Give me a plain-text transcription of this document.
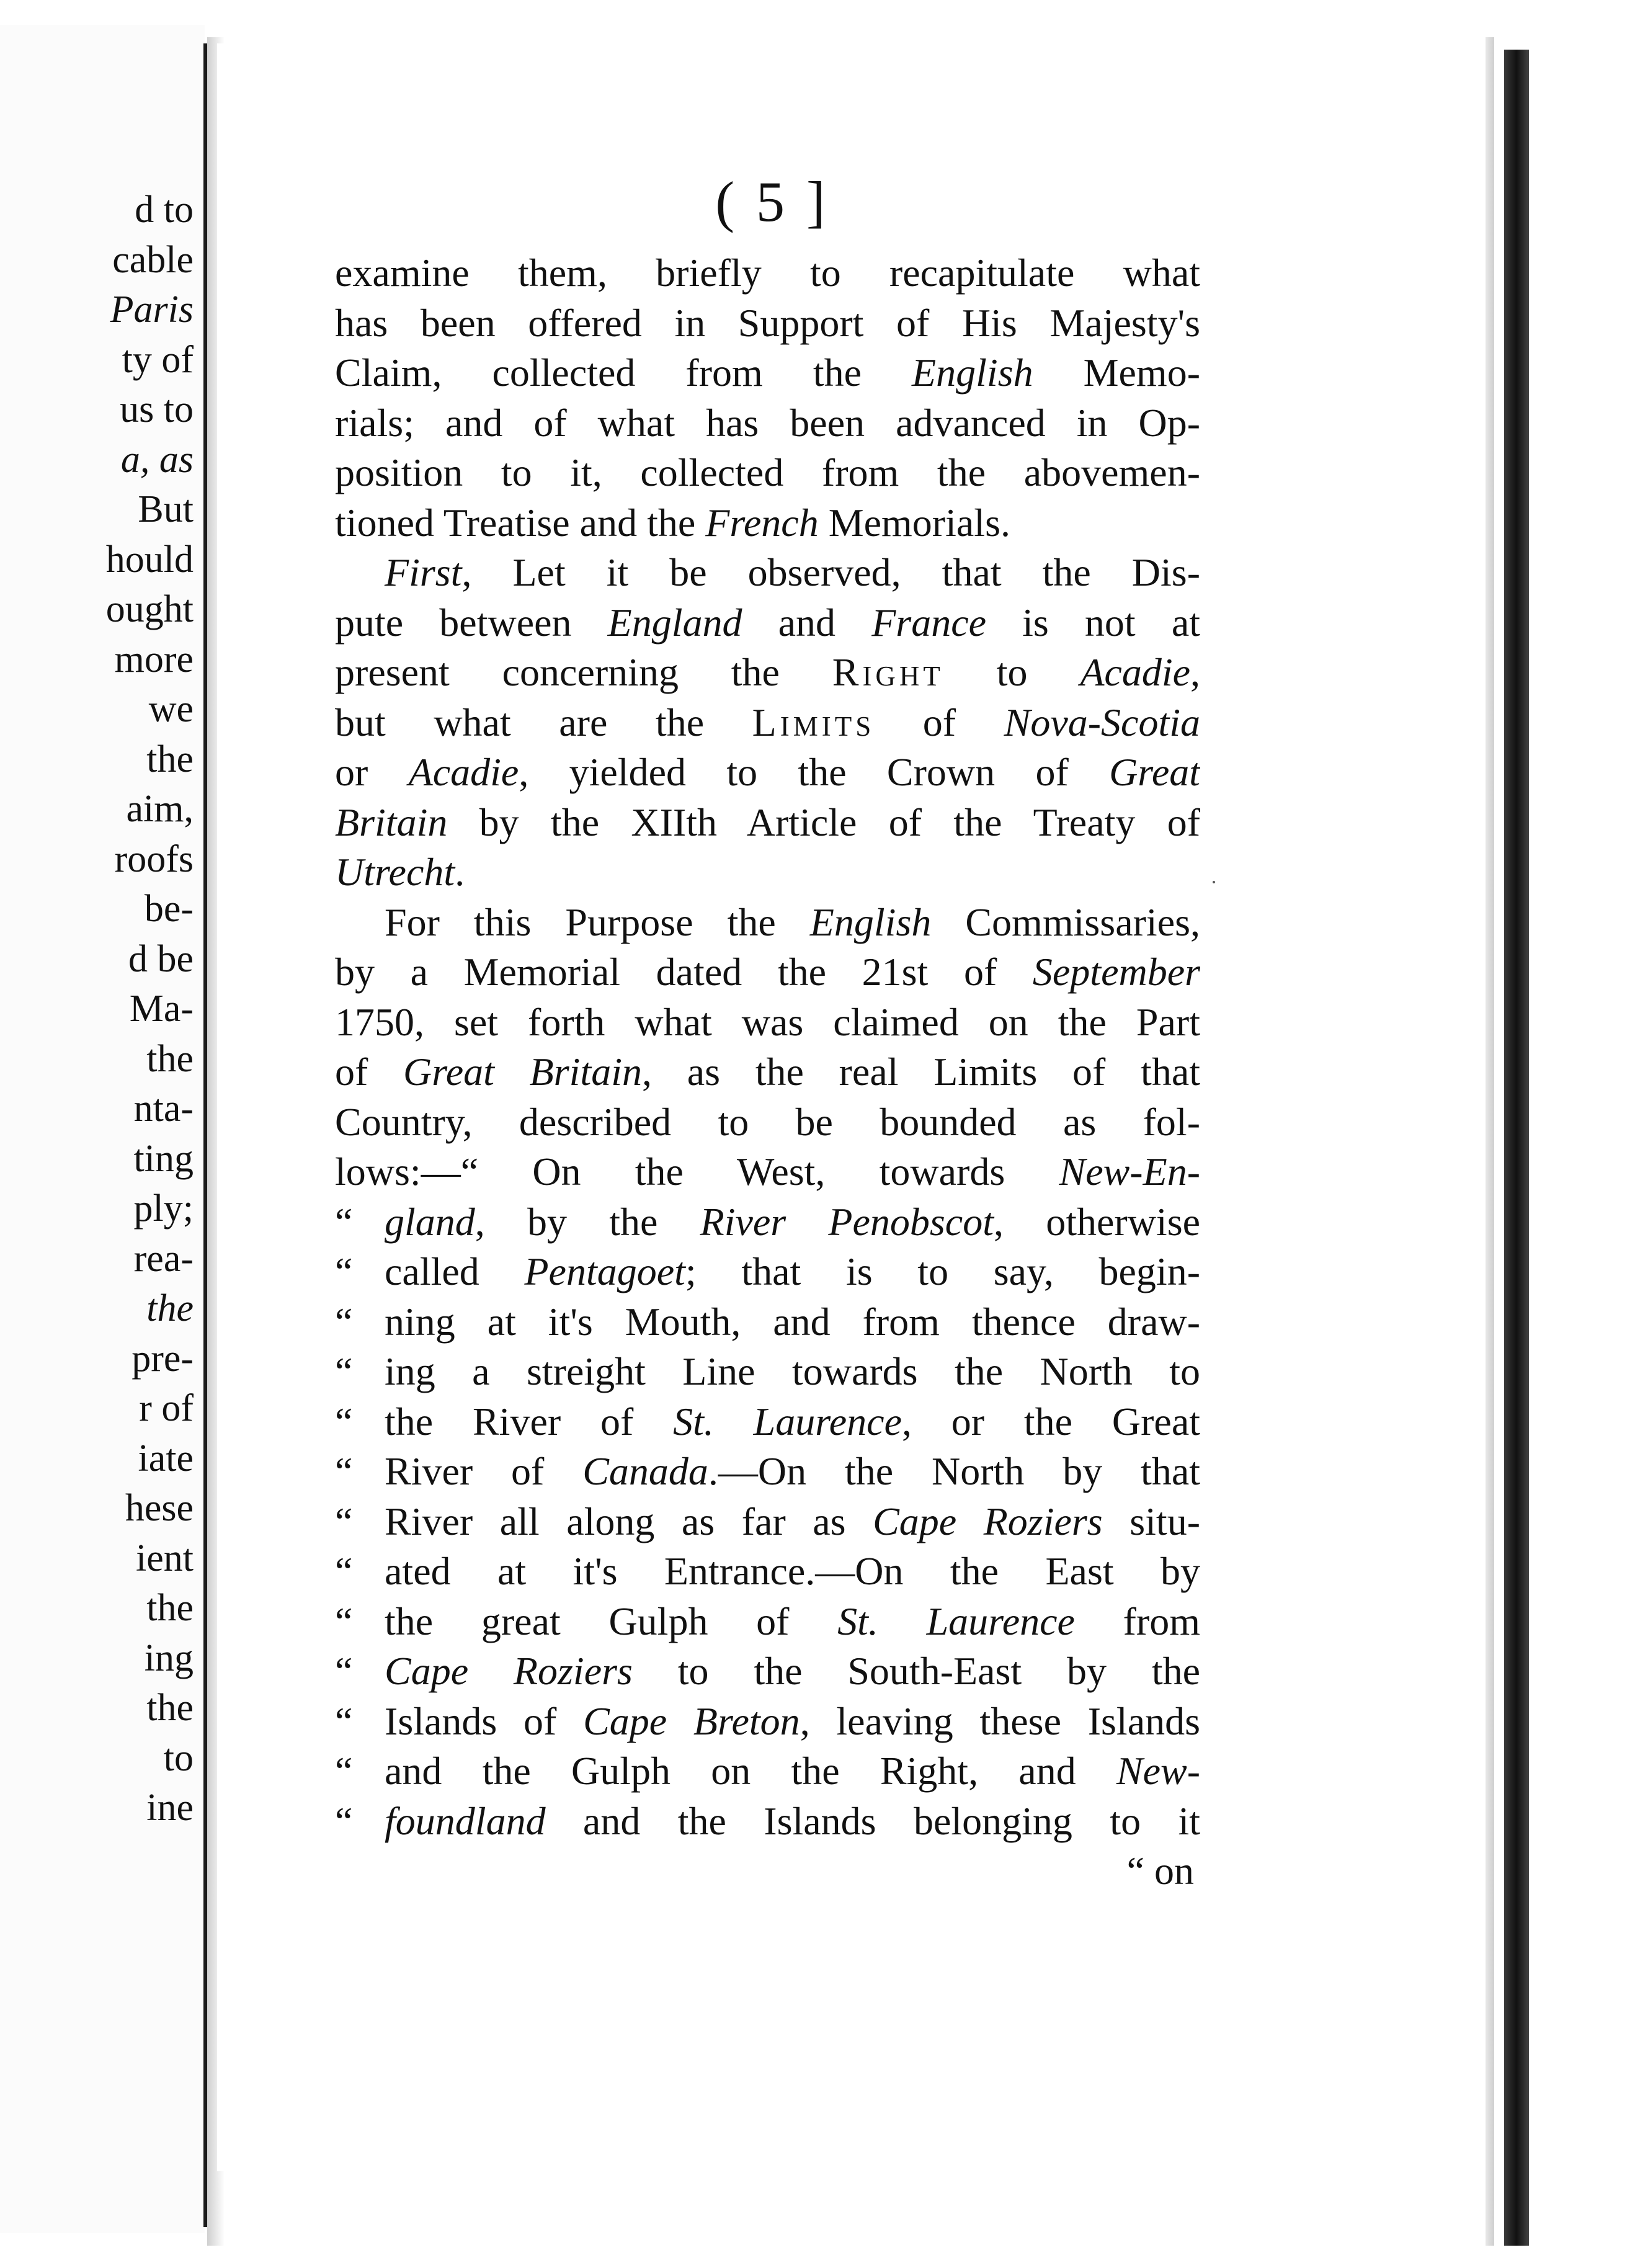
d to
cable
Paris
ty of
us to
a, as
But
hould
ought
more
we
the
aim,
roofs
be-
d be
Ma-
the
nta-
ting
ply;
rea-
the
pre-
r of
iate
hese
ient
the
ing
the
to
ine
( 5 ]
examine them, briefly to recapitulate what
has been offered in Support of His Majesty's
Claim, collected from the English Memo-
rials; and of what has been advanced in Op-
position to it, collected from the abovemen-
tioned Treatise and the French Memorials.
First, Let it be observed, that the Dis-
pute between England and France is not at
present concerning the Right to Acadie,
but what are the Limits of Nova-Scotia
or Acadie, yielded to the Crown of Great
Britain by the XIIth Article of the Treaty of
Utrecht.
For this Purpose the English Commissaries,
by a Memorial dated the 21st of September
1750, set forth what was claimed on the Part
of Great Britain, as the real Limits of that
Country, described to be bounded as fol-
lows:—“ On the West, towards New-En-
“ gland, by the River Penobscot, otherwise
“ called Pentagoet; that is to say, begin-
“ ning at it's Mouth, and from thence draw-
“ ing a streight Line towards the North to
“ the River of St. Laurence, or the Great
“ River of Canada.—On the North by that
“ River all along as far as Cape Roziers situ-
“ ated at it's Entrance.—On the East by
“ the great Gulph of St. Laurence from
“ Cape Roziers to the South-East by the
“ Islands of Cape Breton, leaving these Islands
“ and the Gulph on the Right, and New-
“ foundland and the Islands belonging to it
“ on
